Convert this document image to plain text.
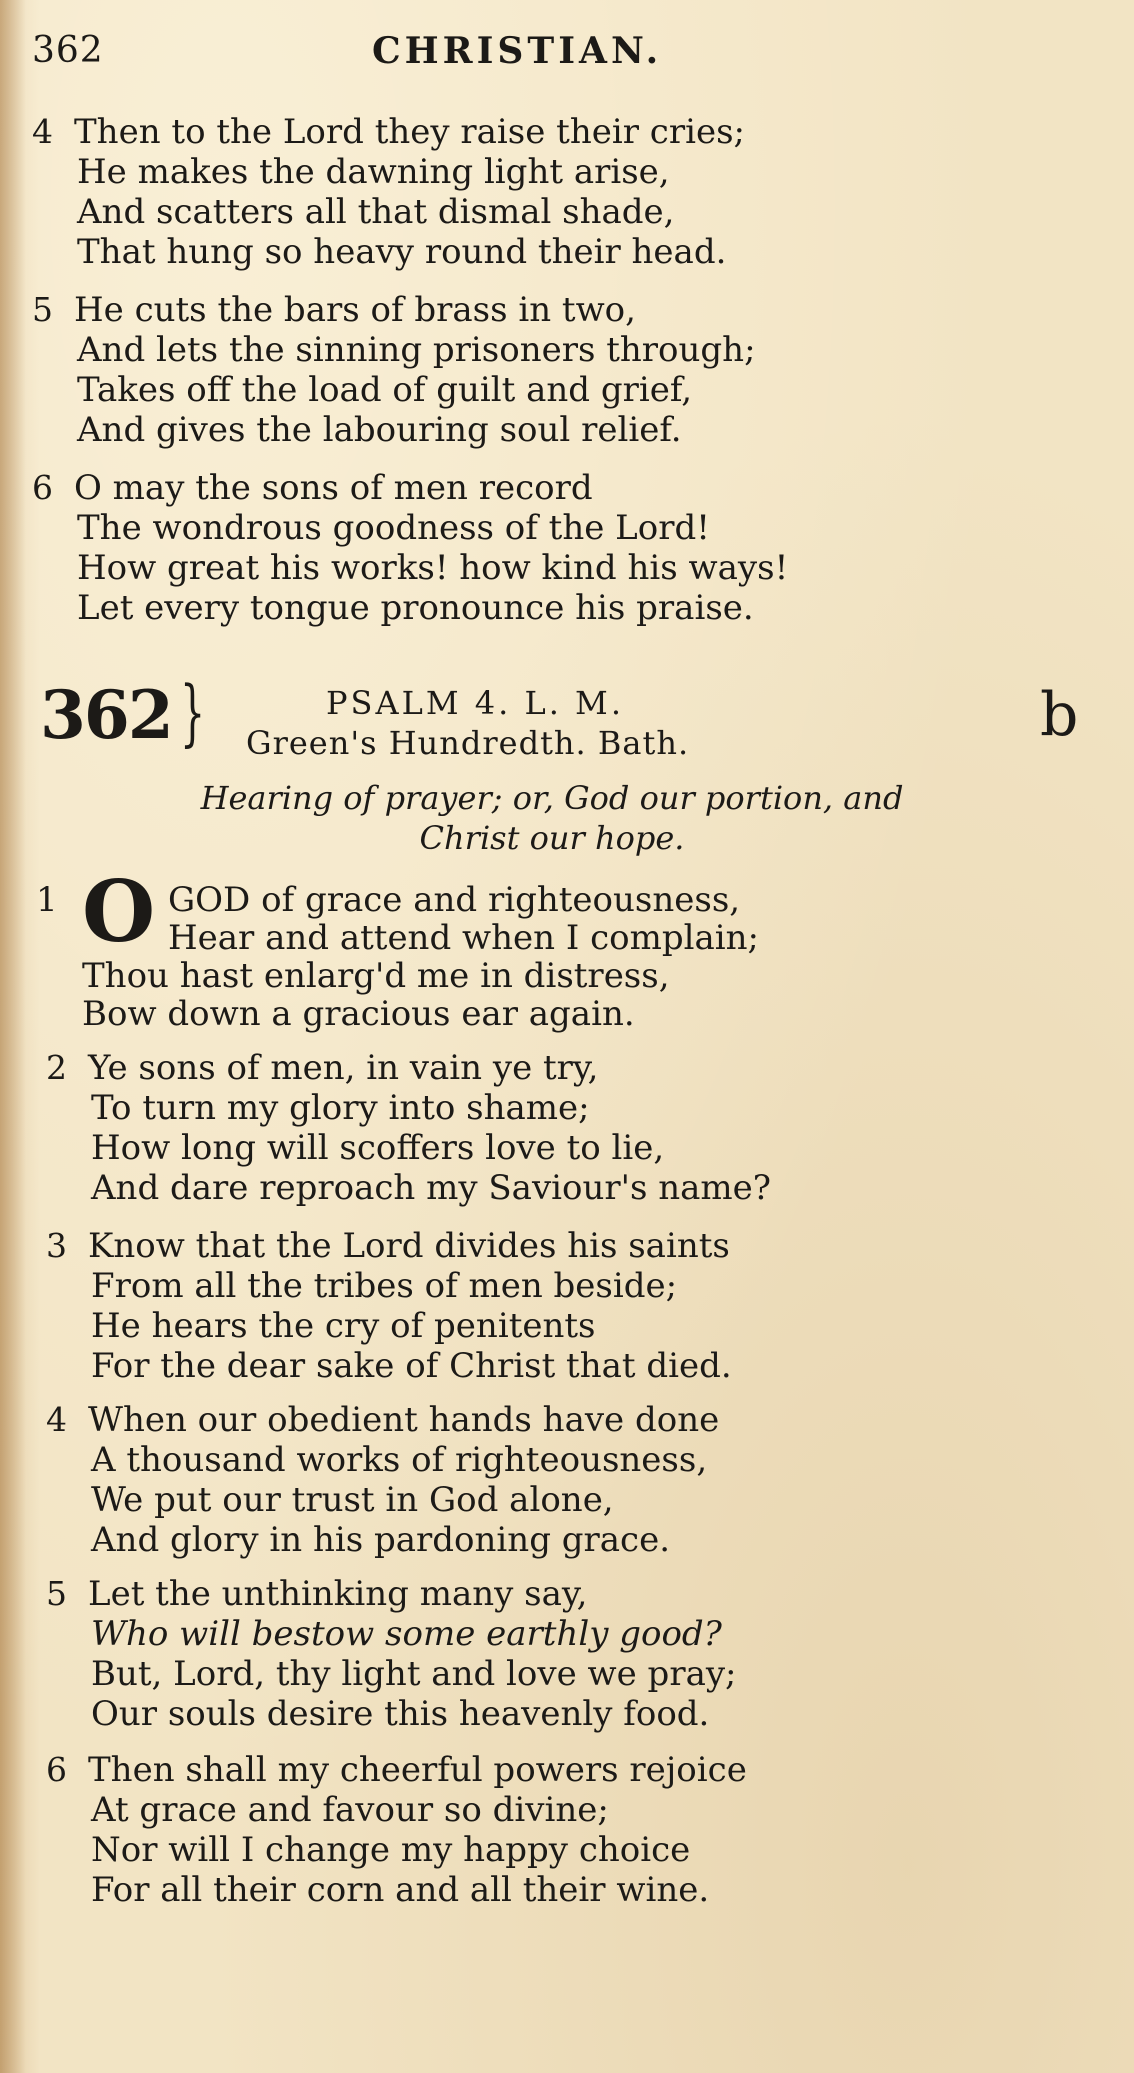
362	CHRISTIAN.
4 Then to the Lord they raise their cries;
He makes the dawning light arise,
And scatters all that dismal shade,
That hung so heavy round their head.
5 He cuts the bars of brass in two,
And lets the sinning prisoners through;
Takes off the load of guilt and grief,
And gives the labouring soul relief.
6 O may the sons of men record
The wondrous goodness of the Lord!
How great his works! how kind his ways!
Let every tongue pronounce his praise.
362 }	PSALM 4. L. M.
Green's Hundredth. Bath.	b
Hearing of prayer; or, God our portion, and
Christ our hope.
1 O GOD of grace and righteousness,
Hear and attend when I complain;
Thou hast enlarg'd me in distress,
Bow down a gracious ear again.
2 Ye sons of men, in vain ye try,
To turn my glory into shame;
How long will scoffers love to lie,
And dare reproach my Saviour's name?
3 Know that the Lord divides his saints
From all the tribes of men beside;
He hears the cry of penitents
For the dear sake of Christ that died.
4 When our obedient hands have done
A thousand works of righteousness,
We put our trust in God alone,
And glory in his pardoning grace.
5 Let the unthinking many say,
Who will bestow some earthly good?
But, Lord, thy light and love we pray;
Our souls desire this heavenly food.
6 Then shall my cheerful powers rejoice
At grace and favour so divine;
Nor will I change my happy choice
For all their corn and all their wine.
